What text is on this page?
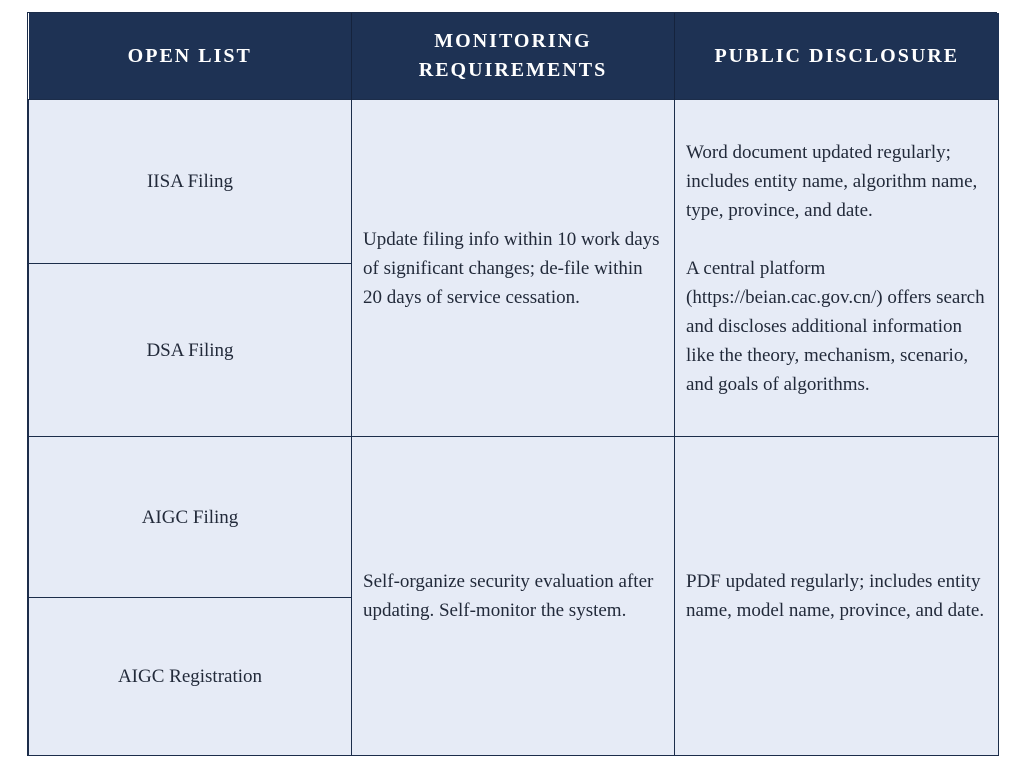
OPEN LIST	MONITORING REQUIREMENTS	PUBLIC DISCLOSURE
IISA Filing	Update filing info within 10 work days of significant changes; de-file within 20 days of service cessation.	Word document updated regularly; includes entity name, algorithm name, type, province, and date.

A central platform (https://beian.cac.gov.cn/) offers search and discloses additional information like the theory, mechanism, scenario, and goals of algorithms.

DSA Filing		
AIGC Filing	Self-organize security evaluation after updating. Self-monitor the system.	PDF updated regularly; includes entity name, model name, province, and date.

AIGC Registration		
